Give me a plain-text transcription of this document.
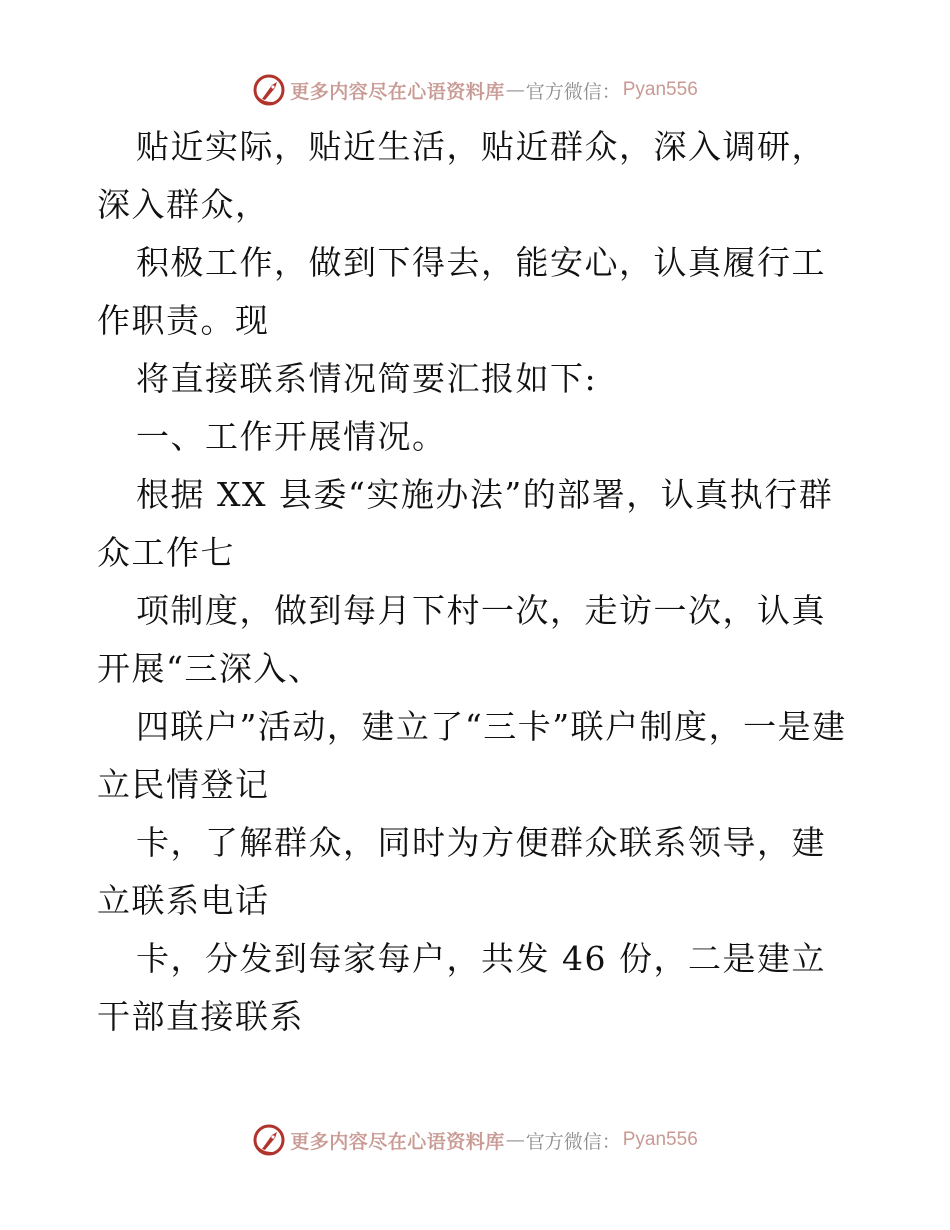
更多内容尽在心语资料库 — 官方微信： Pyan556

贴近实际，贴近生活，贴近群众，深入调研，深入群众，

积极工作，做到下得去，能安心，认真履行工作职责。现

将直接联系情况简要汇报如下:

一、工作开展情况。

根据 XX 县委“实施办法”的部署，认真执行群众工作七

项制度，做到每月下村一次，走访一次，认真开展“三深入、

四联户”活动，建立了“三卡”联户制度，一是建立民情登记

卡，了解群众，同时为方便群众联系领导，建立联系电话

卡，分发到每家每户，共发 46 份，二是建立干部直接联系

更多内容尽在心语资料库 — 官方微信： Pyan556
